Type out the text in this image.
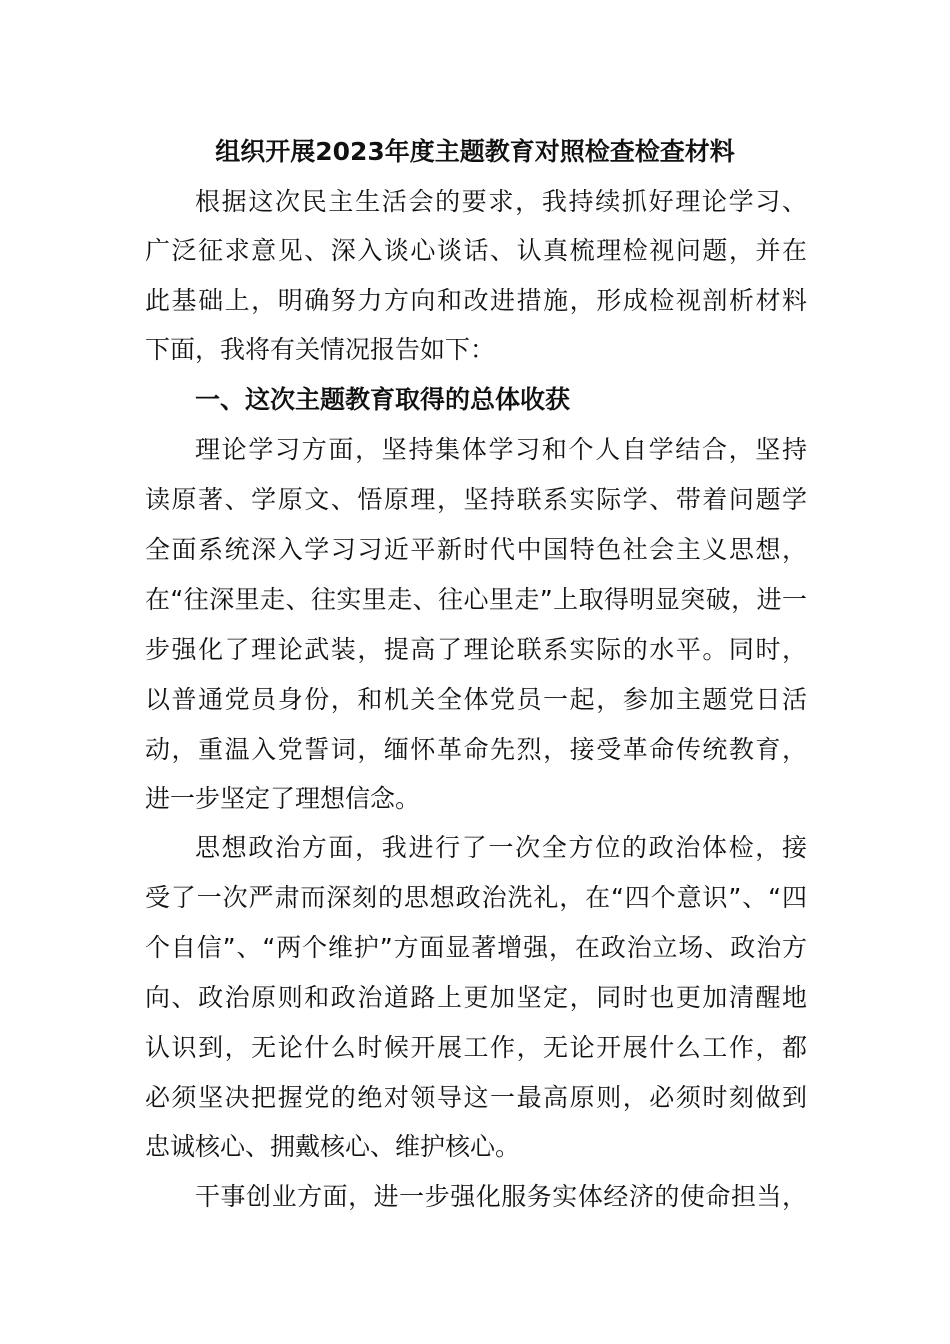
组织开展2023年度主题教育对照检查检查材料
根据这次民主生活会的要求，我持续抓好理论学习、
广泛征求意见、深入谈心谈话、认真梳理检视问题，并在
此基础上，明确努力方向和改进措施，形成检视剖析材料
下面，我将有关情况报告如下：
一、这次主题教育取得的总体收获
理论学习方面，坚持集体学习和个人自学结合，坚持
读原著、学原文、悟原理，坚持联系实际学、带着问题学
全面系统深入学习习近平新时代中国特色社会主义思想，
在“往深里走、往实里走、往心里走”上取得明显突破，进一
步强化了理论武装，提高了理论联系实际的水平。同时，
以普通党员身份，和机关全体党员一起，参加主题党日活
动，重温入党誓词，缅怀革命先烈，接受革命传统教育，
进一步坚定了理想信念。
思想政治方面，我进行了一次全方位的政治体检，接
受了一次严肃而深刻的思想政治洗礼，在“四个意识”、“四
个自信”、“两个维护”方面显著增强，在政治立场、政治方
向、政治原则和政治道路上更加坚定，同时也更加清醒地
认识到，无论什么时候开展工作，无论开展什么工作，都
必须坚决把握党的绝对领导这一最高原则，必须时刻做到
忠诚核心、拥戴核心、维护核心。
干事创业方面，进一步强化服务实体经济的使命担当，
